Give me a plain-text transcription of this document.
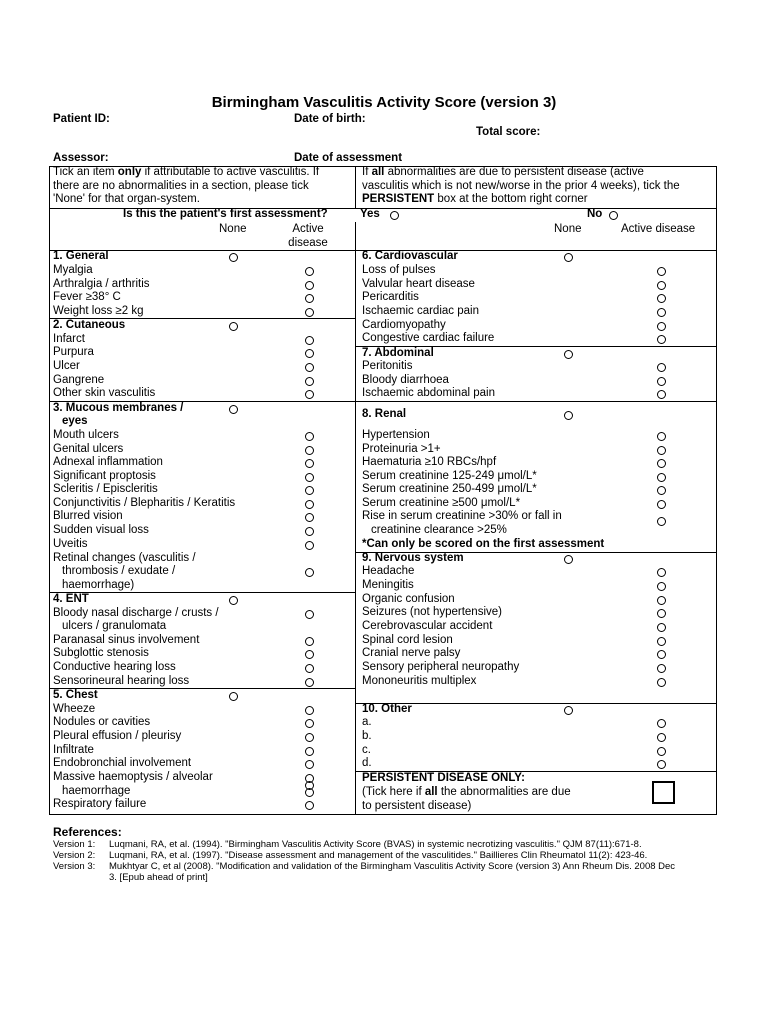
Birmingham Vasculitis Activity Score (version 3)
Patient ID:	Date of birth:
Total score:
Assessor:	Date of assessment
Tick an item only if attributable to active vasculitis. If
there are no abnormalities in a section, please tick
'None' for that organ-system.
If all abnormalities are due to persistent disease (active
vasculitis which is not new/worse in the prior 4 weeks), tick the
PERSISTENT box at the bottom right corner
Is this the patient's first assessment?	Yes	No
None	Active
disease
None	Active disease
1. General
Myalgia
Arthralgia / arthritis
Fever ≥38° C
Weight loss ≥2 kg
2. Cutaneous
Infarct
Purpura
Ulcer
Gangrene
Other skin vasculitis
3. Mucous membranes /
eyes
Mouth ulcers
Genital ulcers
Adnexal inflammation
Significant proptosis
Scleritis / Episcleritis
Conjunctivitis / Blepharitis / Keratitis
Blurred vision
Sudden visual loss
Uveitis
Retinal changes (vasculitis /
thrombosis / exudate /
haemorrhage)
4. ENT
Bloody nasal discharge / crusts /
ulcers / granulomata
Paranasal sinus involvement
Subglottic stenosis
Conductive hearing loss
Sensorineural hearing loss
5. Chest
Wheeze
Nodules or cavities
Pleural effusion / pleurisy
Infiltrate
Endobronchial involvement
Massive haemoptysis / alveolar
haemorrhage
Respiratory failure
6. Cardiovascular
Loss of pulses
Valvular heart disease
Pericarditis
Ischaemic cardiac pain
Cardiomyopathy
Congestive cardiac failure
7. Abdominal
Peritonitis
Bloody diarrhoea
Ischaemic abdominal pain
8. Renal
Hypertension
Proteinuria >1+
Haematuria ≥10 RBCs/hpf
Serum creatinine 125-249 μmol/L*
Serum creatinine 250-499 μmol/L*
Serum creatinine ≥500 μmol/L*
Rise in serum creatinine >30% or fall in
creatinine clearance >25%
9. Nervous system
Headache
Meningitis
Organic confusion
Seizures (not hypertensive)
Cerebrovascular accident
Spinal cord lesion
Cranial nerve palsy
Sensory peripheral neuropathy
Mononeuritis multiplex
10. Other
a.
b.
c.
d.
*Can only be scored on the first assessment
PERSISTENT DISEASE ONLY:
(Tick here if all the abnormalities are due
to persistent disease)
References:
Version 1: Luqmani, RA, et al. (1994). "Birmingham Vasculitis Activity Score (BVAS) in systemic necrotizing vasculitis." QJM 87(11):671-8.
Version 2: Luqmani, RA, et al. (1997). "Disease assessment and management of the vasculitides." Baillieres Clin Rheumatol 11(2): 423-46.
Version 3: Mukhtyar C, et al (2008). "Modification and validation of the Birmingham Vasculitis Activity Score (version 3) Ann Rheum Dis. 2008 Dec
3. [Epub ahead of print]
